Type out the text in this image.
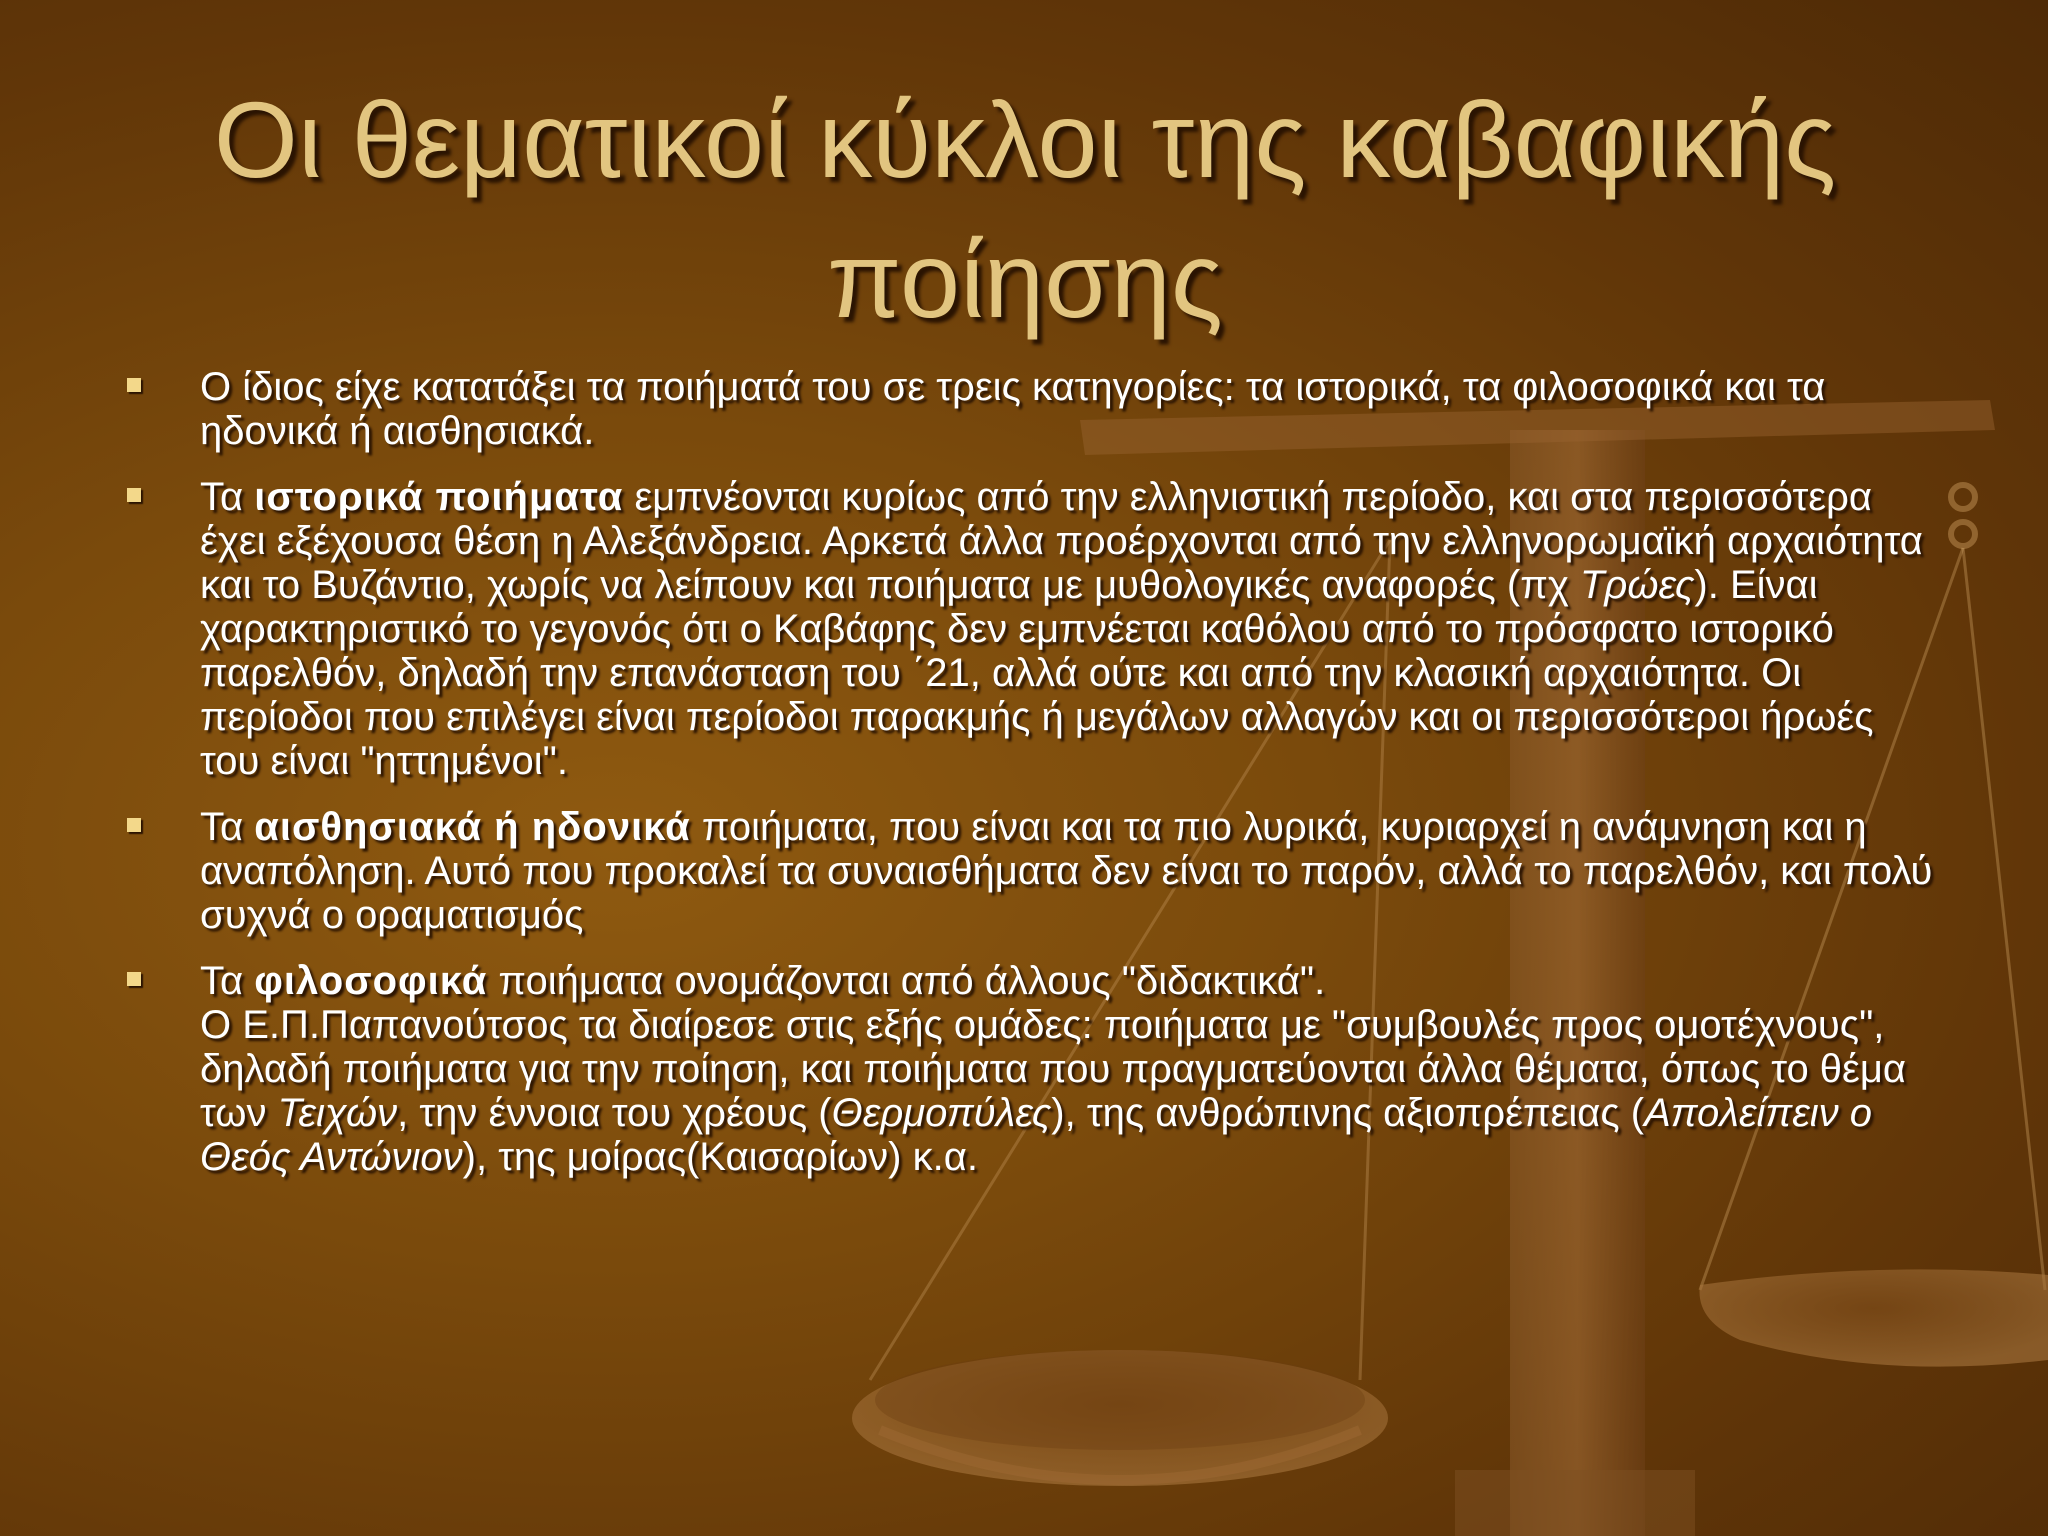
Οι θεματικοί κύκλοι της καβαφικής
ποίησης
Ο ίδιος είχε κατατάξει τα ποιήματά του σε τρεις κατηγορίες: τα ιστορικά, τα φιλοσοφικά και τα ηδονικά ή αισθησιακά.
Τα ιστορικά ποιήματα εμπνέονται κυρίως από την ελληνιστική περίοδο, και στα περισσότερα έχει εξέχουσα θέση η Αλεξάνδρεια. Αρκετά άλλα προέρχονται από την ελληνορωμαϊκή αρχαιότητα και το Βυζάντιο, χωρίς να λείπουν και ποιήματα με μυθολογικές αναφορές (πχ Τρώες). Είναι χαρακτηριστικό το γεγονός ότι ο Καβάφης δεν εμπνέεται καθόλου από το πρόσφατο ιστορικό παρελθόν, δηλαδή την επανάσταση του ΄21, αλλά ούτε και από την κλασική αρχαιότητα. Οι περίοδοι που επιλέγει είναι περίοδοι παρακμής ή μεγάλων αλλαγών και οι περισσότεροι ήρωές του είναι "ηττημένοι".
Τα αισθησιακά ή ηδονικά ποιήματα, που είναι και τα πιο λυρικά, κυριαρχεί η ανάμνηση και η αναπόληση. Αυτό που προκαλεί τα συναισθήματα δεν είναι το παρόν, αλλά το παρελθόν, και πολύ συχνά ο οραματισμός
Τα φιλοσοφικά ποιήματα ονομάζονται από άλλους "διδακτικά".
Ο Ε.Π.Παπανούτσος τα διαίρεσε στις εξής ομάδες: ποιήματα με "συμβουλές προς ομοτέχνους", δηλαδή ποιήματα για την ποίηση, και ποιήματα που πραγματεύονται άλλα θέματα, όπως το θέμα των Τειχών, την έννοια του χρέους (Θερμοπύλες), της ανθρώπινης αξιοπρέπειας (Απολείπειν ο Θεός Αντώνιον), της μοίρας(Καισαρίων) κ.α.
